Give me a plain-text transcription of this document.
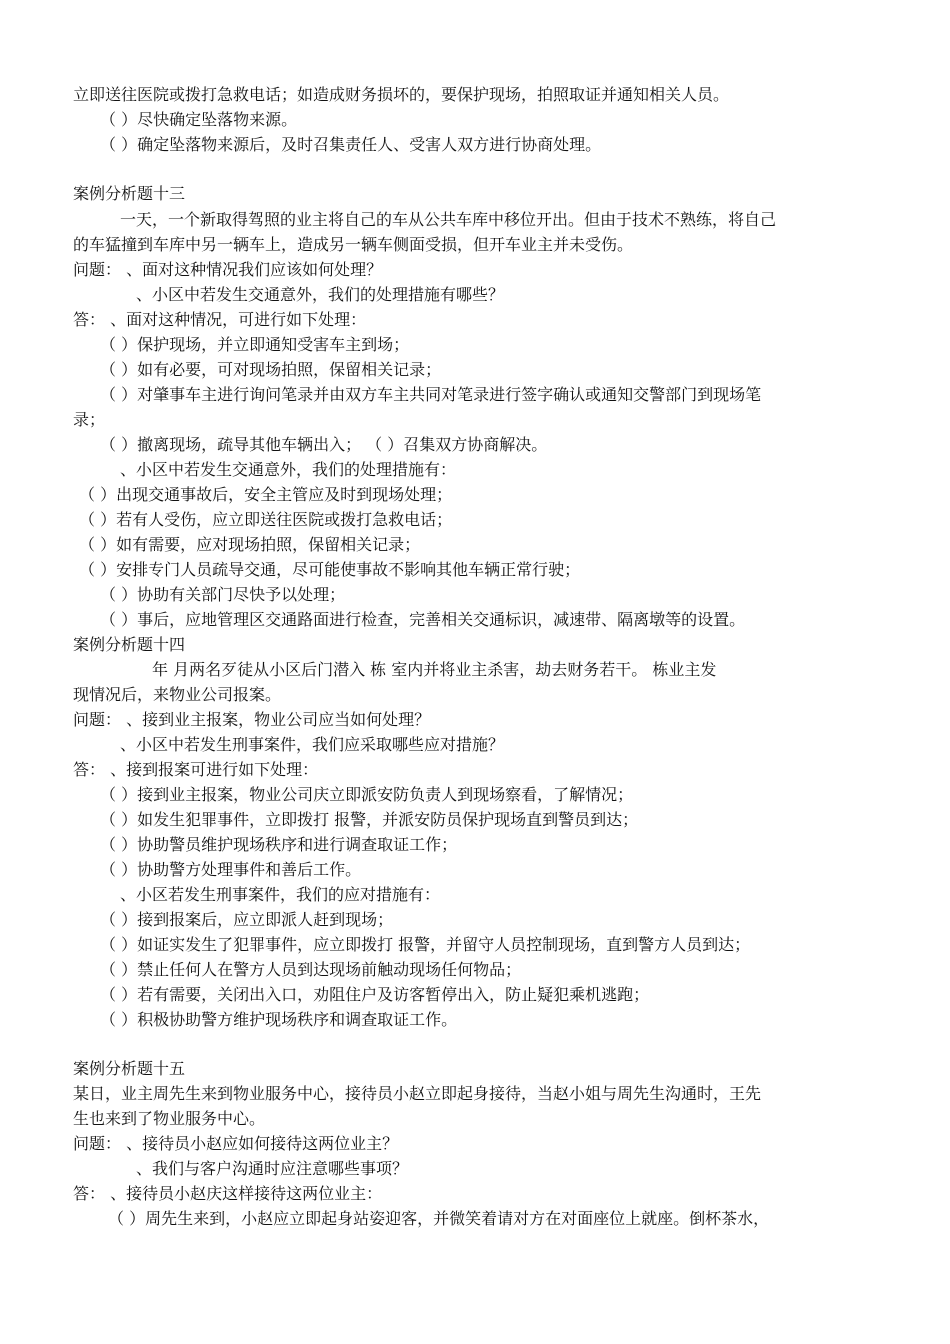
立即送往医院或拨打急救电话；如造成财务损坏的，要保护现场，拍照取证并通知相关人员。
（ ）尽快确定坠落物来源。
（ ）确定坠落物来源后，及时召集责任人、受害人双方进行协商处理。
案例分析题十三
一天，一个新取得驾照的业主将自己的车从公共车库中移位开出。但由于技术不熟练，将自己
的车猛撞到车库中另一辆车上，造成另一辆车侧面受损，但开车业主并未受伤。
问题： 、面对这种情况我们应该如何处理？
、小区中若发生交通意外，我们的处理措施有哪些？
答： 、面对这种情况，可进行如下处理：
（ ）保护现场，并立即通知受害车主到场；
（ ）如有必要，可对现场拍照，保留相关记录；
（ ）对肇事车主进行询问笔录并由双方车主共同对笔录进行签字确认或通知交警部门到现场笔
录；
（ ）撤离现场，疏导其他车辆出入； （ ）召集双方协商解决。
、小区中若发生交通意外，我们的处理措施有：
（ ）出现交通事故后，安全主管应及时到现场处理；
（ ）若有人受伤，应立即送往医院或拨打急救电话；
（ ）如有需要，应对现场拍照，保留相关记录；
（ ）安排专门人员疏导交通，尽可能使事故不影响其他车辆正常行驶；
（ ）协助有关部门尽快予以处理；
（ ）事后，应地管理区交通路面进行检查，完善相关交通标识，减速带、隔离墩等的设置。
案例分析题十四
年 月两名歹徒从小区后门潜入 栋 室内并将业主杀害，劫去财务若干。 栋业主发
现情况后，来物业公司报案。
问题： 、接到业主报案，物业公司应当如何处理？
、小区中若发生刑事案件，我们应采取哪些应对措施？
答： 、接到报案可进行如下处理：
（ ）接到业主报案，物业公司庆立即派安防负责人到现场察看，了解情况；
（ ）如发生犯罪事件，立即拨打 报警，并派安防员保护现场直到警员到达；
（ ）协助警员维护现场秩序和进行调查取证工作；
（ ）协助警方处理事件和善后工作。
、小区若发生刑事案件，我们的应对措施有：
（ ）接到报案后，应立即派人赶到现场；
（ ）如证实发生了犯罪事件，应立即拨打 报警，并留守人员控制现场，直到警方人员到达；
（ ）禁止任何人在警方人员到达现场前触动现场任何物品；
（ ）若有需要，关闭出入口，劝阻住户及访客暂停出入，防止疑犯乘机逃跑；
（ ）积极协助警方维护现场秩序和调查取证工作。
案例分析题十五
某日，业主周先生来到物业服务中心，接待员小赵立即起身接待，当赵小姐与周先生沟通时，王先
生也来到了物业服务中心。
问题： 、接待员小赵应如何接待这两位业主？
、我们与客户沟通时应注意哪些事项？
答： 、接待员小赵庆这样接待这两位业主：
（ ）周先生来到，小赵应立即起身站姿迎客，并微笑着请对方在对面座位上就座。倒杯茶水，
